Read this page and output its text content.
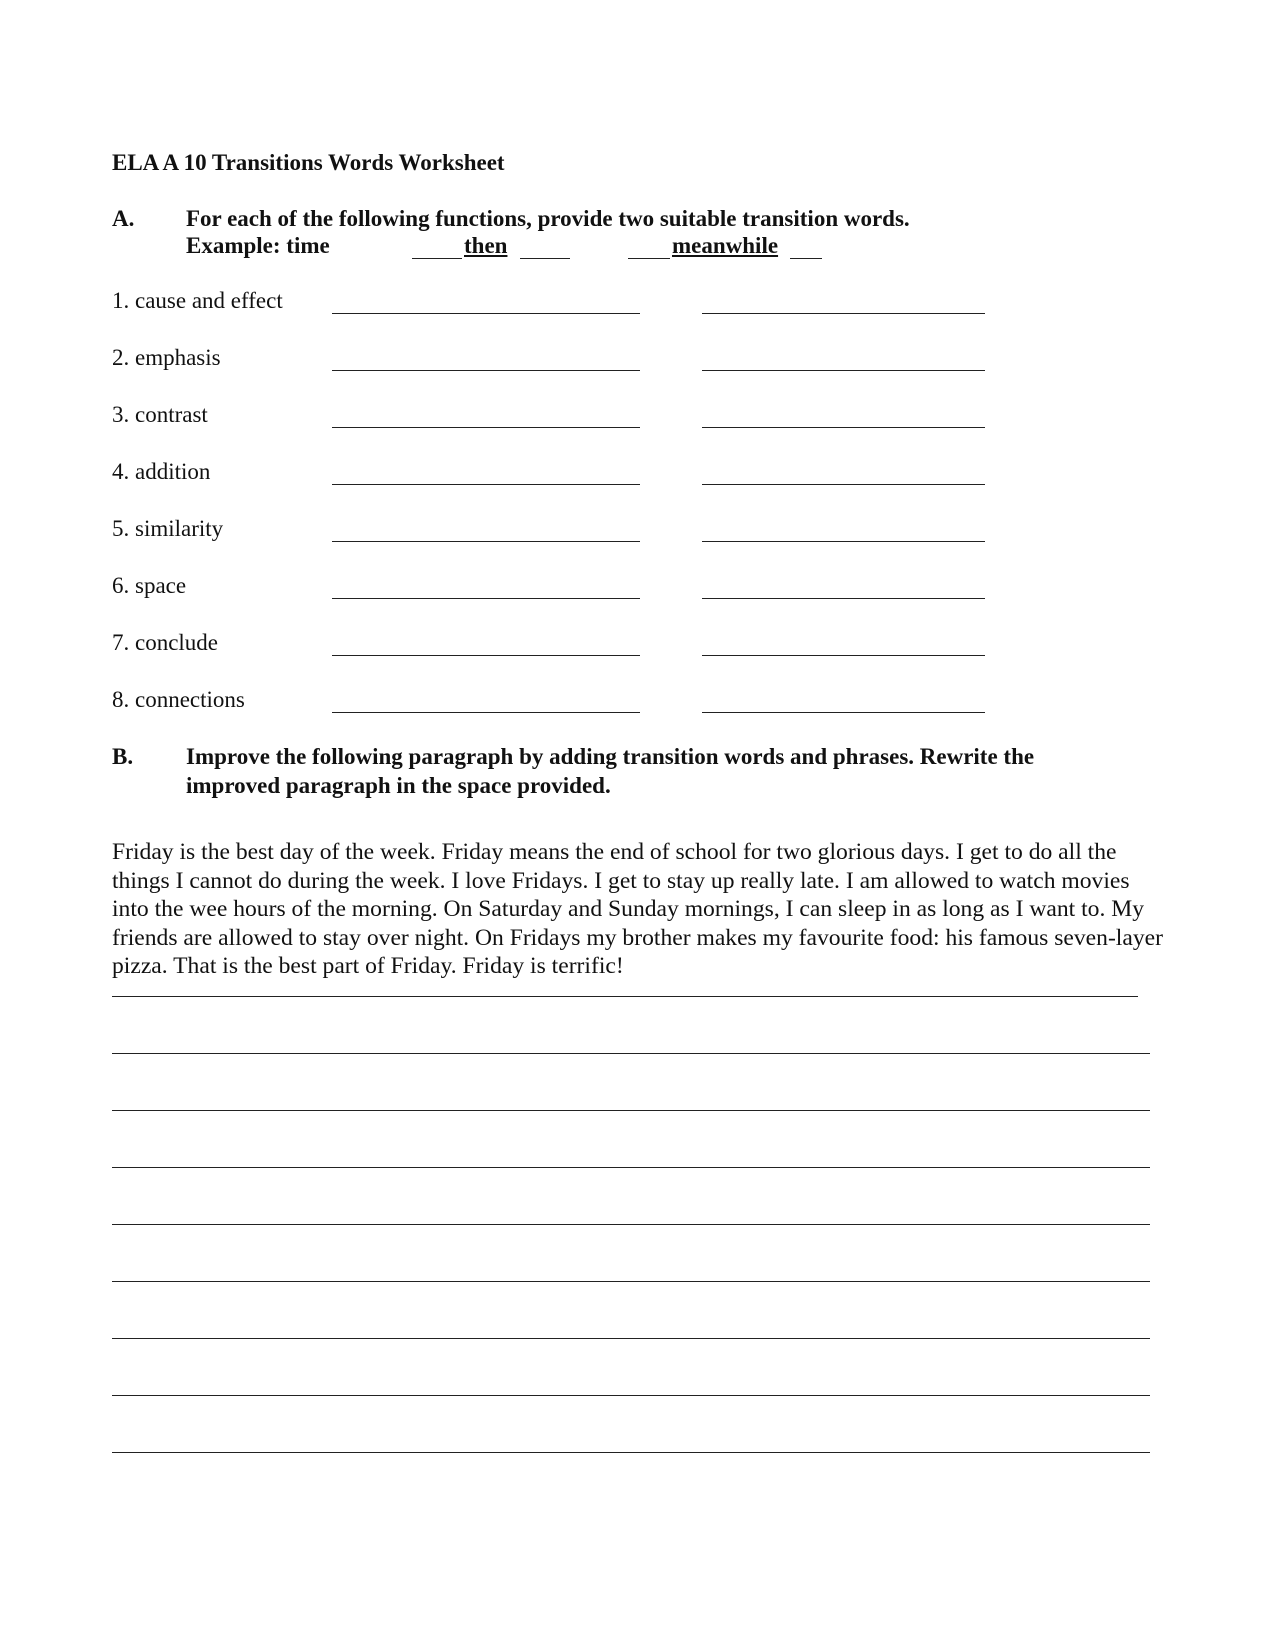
ELA A 10 Transitions Words Worksheet
A. For each of the following functions, provide two suitable transition words.
Example: time	then	meanwhile
1. cause and effect
2. emphasis
3. contrast
4. addition
5. similarity
6. space
7. conclude
8. connections
B. Improve the following paragraph by adding transition words and phrases. Rewrite the
improved paragraph in the space provided.
Friday is the best day of the week. Friday means the end of school for two glorious days. I get to do all the things I cannot do during the week. I love Fridays. I get to stay up really late. I am allowed to watch movies into the wee hours of the morning. On Saturday and Sunday mornings, I can sleep in as long as I want to. My friends are allowed to stay over night. On Fridays my brother makes my favourite food: his famous seven-layer pizza. That is the best part of Friday. Friday is terrific!
